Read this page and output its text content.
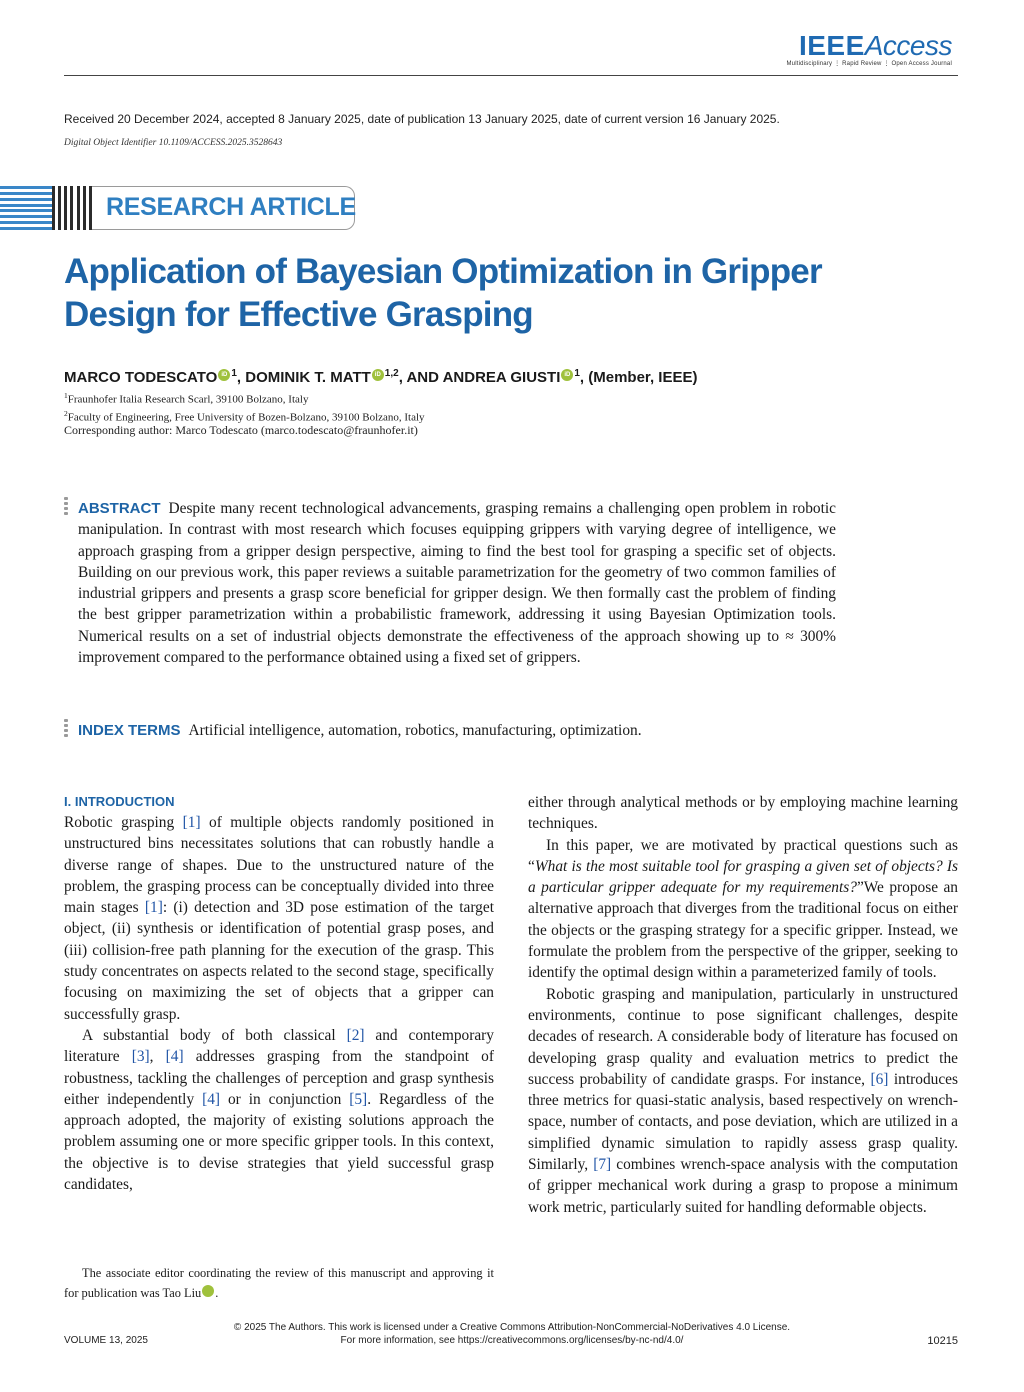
IEEEAccess
Multidisciplinary ⋮ Rapid Review ⋮ Open Access Journal
Received 20 December 2024, accepted 8 January 2025, date of publication 13 January 2025, date of current version 16 January 2025.
Digital Object Identifier 10.1109/ACCESS.2025.3528643
RESEARCH ARTICLE
Application of Bayesian Optimization in Gripper Design for Effective Grasping
MARCO TODESCATO iD $^1$, DOMINIK T. MATT iD $^{1,2}$, AND ANDREA GIUSTI iD $^1$, (Member, IEEE)
$^1$Fraunhofer Italia Research Scarl, 39100 Bolzano, Italy
$^2$Faculty of Engineering, Free University of Bozen-Bolzano, 39100 Bolzano, Italy
Corresponding author: Marco Todescato (marco.todescato@fraunhofer.it)
ABSTRACT Despite many recent technological advancements, grasping remains a challenging open problem in robotic manipulation. In contrast with most research which focuses equipping grippers with varying degree of intelligence, we approach grasping from a gripper design perspective, aiming to find the best tool for grasping a specific set of objects. Building on our previous work, this paper reviews a suitable parametrization for the geometry of two common families of industrial grippers and presents a grasp score beneficial for gripper design. We then formally cast the problem of finding the best gripper parametrization within a probabilistic framework, addressing it using Bayesian Optimization tools. Numerical results on a set of industrial objects demonstrate the effectiveness of the approach showing up to ≈ 300% improvement compared to the performance obtained using a fixed set of grippers.
INDEX TERMS Artificial intelligence, automation, robotics, manufacturing, optimization.
I. INTRODUCTION

Robotic grasping [1] of multiple objects randomly positioned in unstructured bins necessitates solutions that can robustly handle a diverse range of shapes. Due to the unstructured nature of the problem, the grasping process can be conceptually divided into three main stages [1]: (i) detection and 3D pose estimation of the target object, (ii) synthesis or identification of potential grasp poses, and (iii) collision-free path planning for the execution of the grasp. This study concentrates on aspects related to the second stage, specifically focusing on maximizing the set of objects that a gripper can successfully grasp.

A substantial body of both classical [2] and contemporary literature [3], [4] addresses grasping from the standpoint of robustness, tackling the challenges of perception and grasp synthesis either independently [4] or in conjunction [5]. Regardless of the approach adopted, the majority of existing solutions approach the problem assuming one or more specific gripper tools. In this context, the objective is to devise strategies that yield successful grasp candidates,

The associate editor coordinating the review of this manuscript and approving it for publication was Tao Liu	iD.

either through analytical methods or by employing machine learning techniques.

In this paper, we are motivated by practical questions such as “What is the most suitable tool for grasping a given set of objects? Is a particular gripper adequate for my requirements?”We propose an alternative approach that diverges from the traditional focus on either the objects or the grasping strategy for a specific gripper. Instead, we formulate the problem from the perspective of the gripper, seeking to identify the optimal design within a parameterized family of tools.

Robotic grasping and manipulation, particularly in unstructured environments, continue to pose significant challenges, despite decades of research. A considerable body of literature has focused on developing grasp quality and evaluation metrics to predict the success probability of candidate grasps. For instance, [6] introduces three metrics for quasi-static analysis, based respectively on wrench-space, number of contacts, and pose deviation, which are utilized in a simplified dynamic simulation to rapidly assess grasp quality. Similarly, [7] combines wrench-space analysis with the computation of gripper mechanical work during a grasp to propose a minimum work metric, particularly suited for handling deformable objects.

© 2025 The Authors. This work is licensed under a Creative Commons Attribution-NonCommercial-NoDerivatives 4.0 License.
For more information, see https://creativecommons.org/licenses/by-nc-nd/4.0/
VOLUME 13, 2025	10215
